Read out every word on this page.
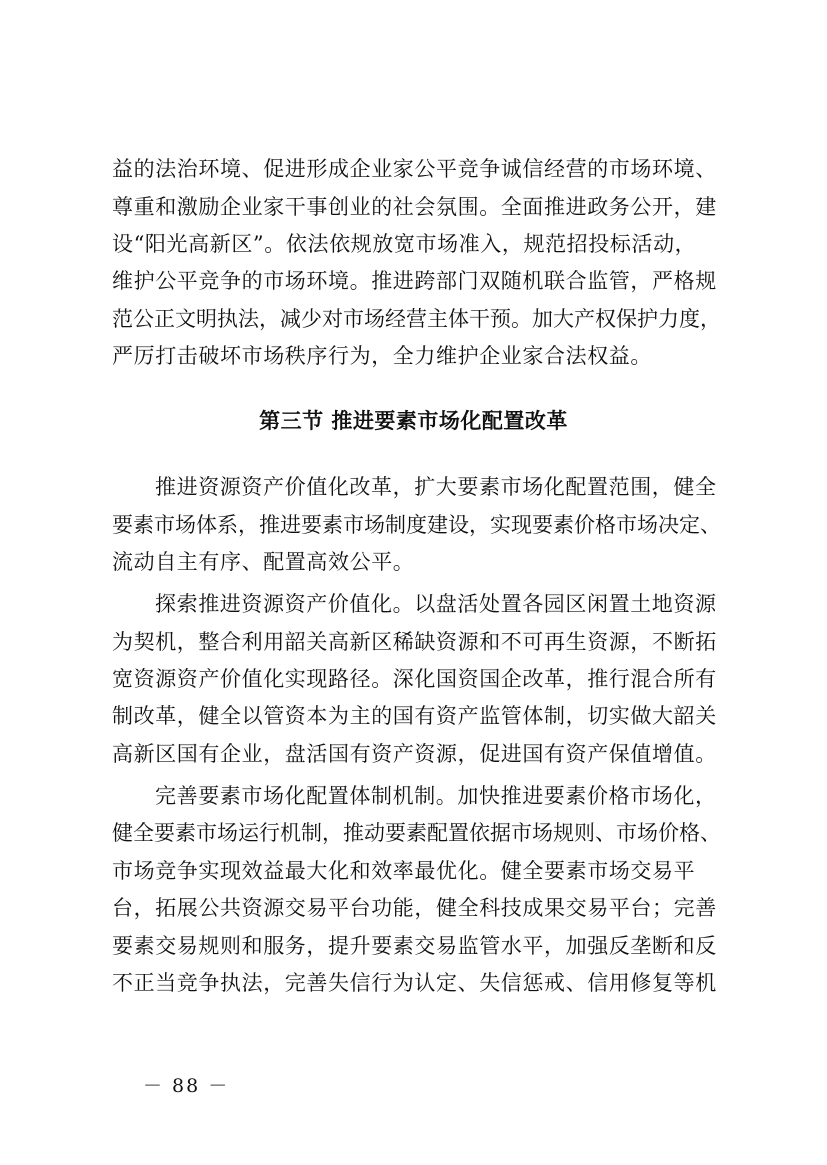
益的法治环境、促进形成企业家公平竞争诚信经营的市场环境、
尊重和激励企业家干事创业的社会氛围。全面推进政务公开，建
设“阳光高新区”。依法依规放宽市场准入，规范招投标活动，
维护公平竞争的市场环境。推进跨部门双随机联合监管，严格规
范公正文明执法，减少对市场经营主体干预。加大产权保护力度，
严厉打击破坏市场秩序行为，全力维护企业家合法权益。
第三节 推进要素市场化配置改革
推进资源资产价值化改革，扩大要素市场化配置范围，健全
要素市场体系，推进要素市场制度建设，实现要素价格市场决定、
流动自主有序、配置高效公平。
探索推进资源资产价值化。以盘活处置各园区闲置土地资源
为契机，整合利用韶关高新区稀缺资源和不可再生资源，不断拓
宽资源资产价值化实现路径。深化国资国企改革，推行混合所有
制改革，健全以管资本为主的国有资产监管体制，切实做大韶关
高新区国有企业，盘活国有资产资源，促进国有资产保值增值。
完善要素市场化配置体制机制。加快推进要素价格市场化，
健全要素市场运行机制，推动要素配置依据市场规则、市场价格、
市场竞争实现效益最大化和效率最优化。健全要素市场交易平
台，拓展公共资源交易平台功能，健全科技成果交易平台；完善
要素交易规则和服务，提升要素交易监管水平，加强反垄断和反
不正当竞争执法，完善失信行为认定、失信惩戒、信用修复等机
－ 88 －
